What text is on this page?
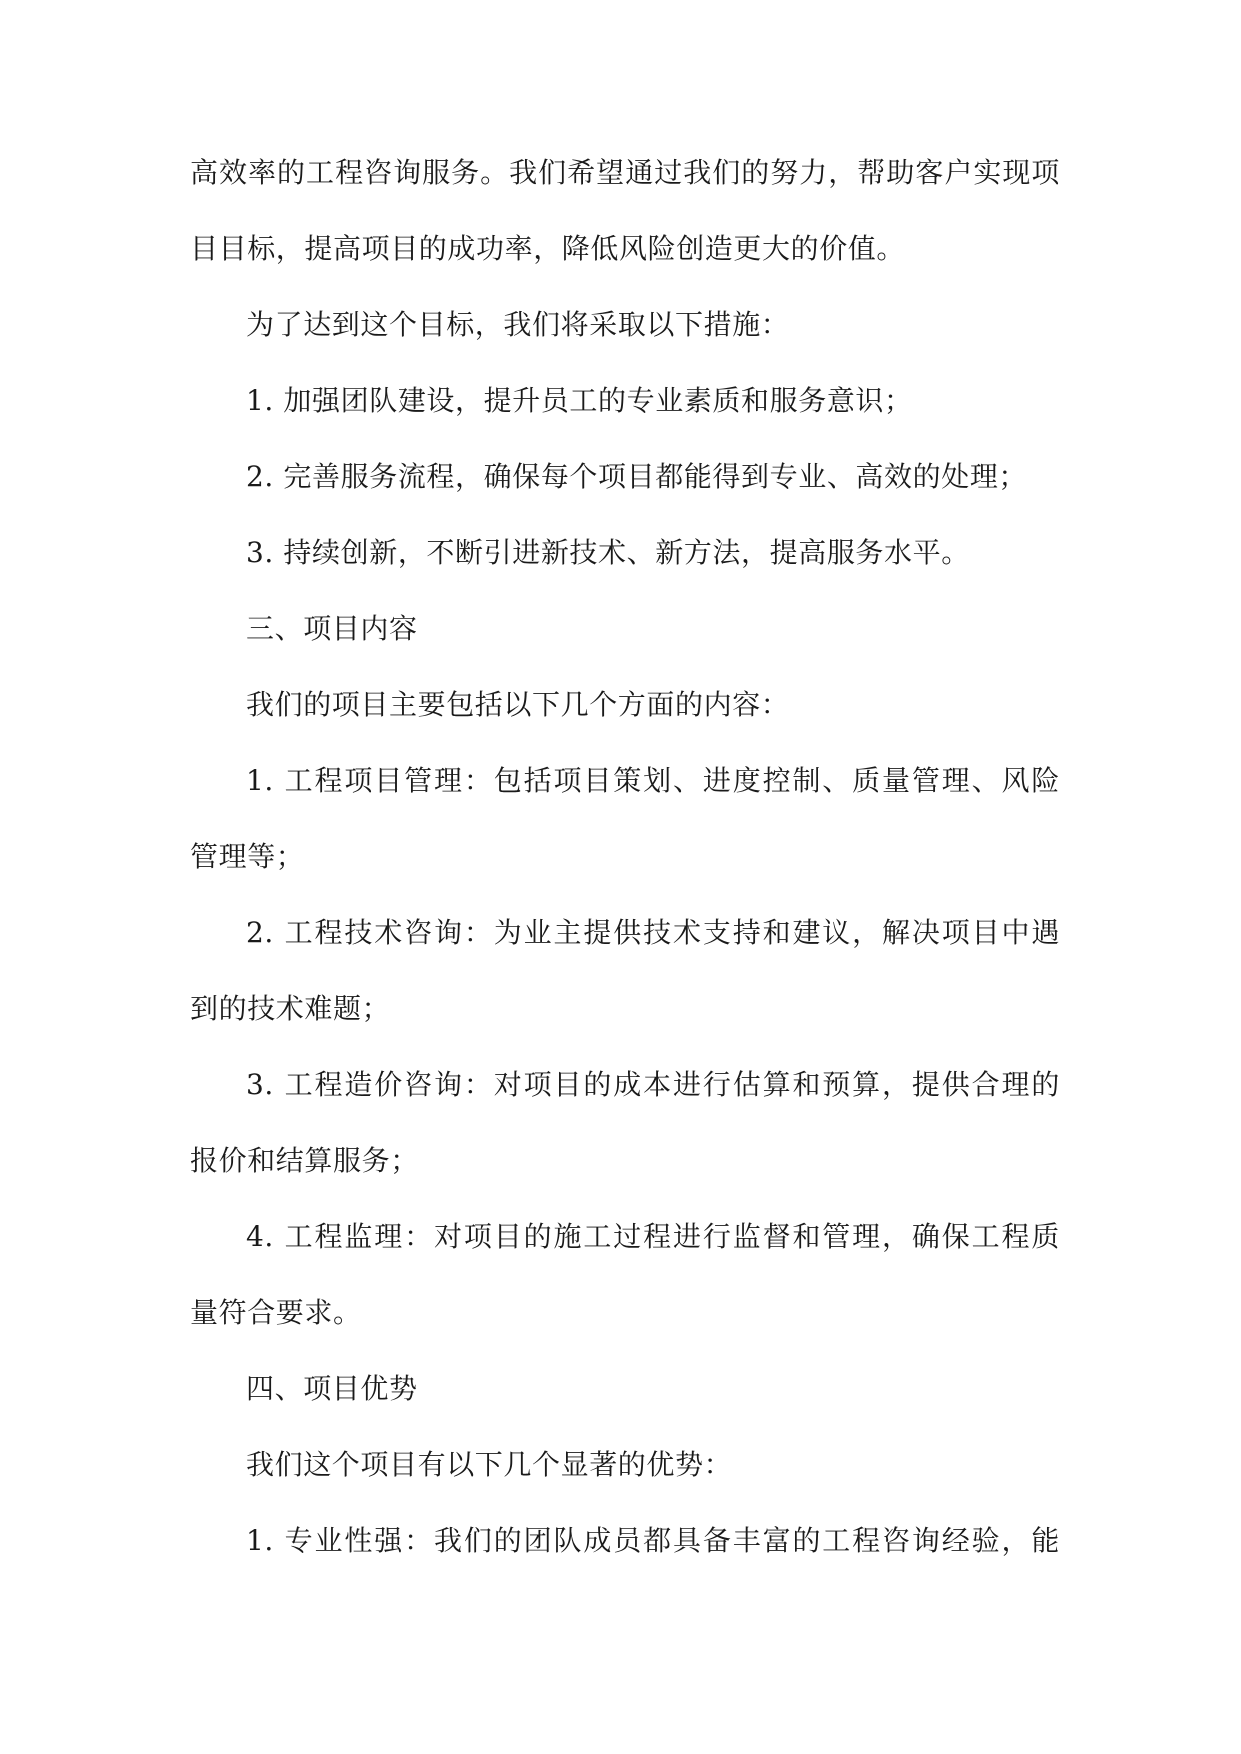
高效率的工程咨询服务。我们希望通过我们的努力，帮助客户实现项
目目标，提高项目的成功率，降低风险创造更大的价值。
为了达到这个目标，我们将采取以下措施：
1. 加强团队建设，提升员工的专业素质和服务意识；
2. 完善服务流程，确保每个项目都能得到专业、高效的处理；
3. 持续创新，不断引进新技术、新方法，提高服务水平。
三、项目内容
我们的项目主要包括以下几个方面的内容：
1. 工程项目管理：包括项目策划、进度控制、质量管理、风险
管理等；
2. 工程技术咨询：为业主提供技术支持和建议，解决项目中遇
到的技术难题；
3. 工程造价咨询：对项目的成本进行估算和预算，提供合理的
报价和结算服务；
4. 工程监理：对项目的施工过程进行监督和管理，确保工程质
量符合要求。
四、项目优势
我们这个项目有以下几个显著的优势：
1. 专业性强：我们的团队成员都具备丰富的工程咨询经验，能
